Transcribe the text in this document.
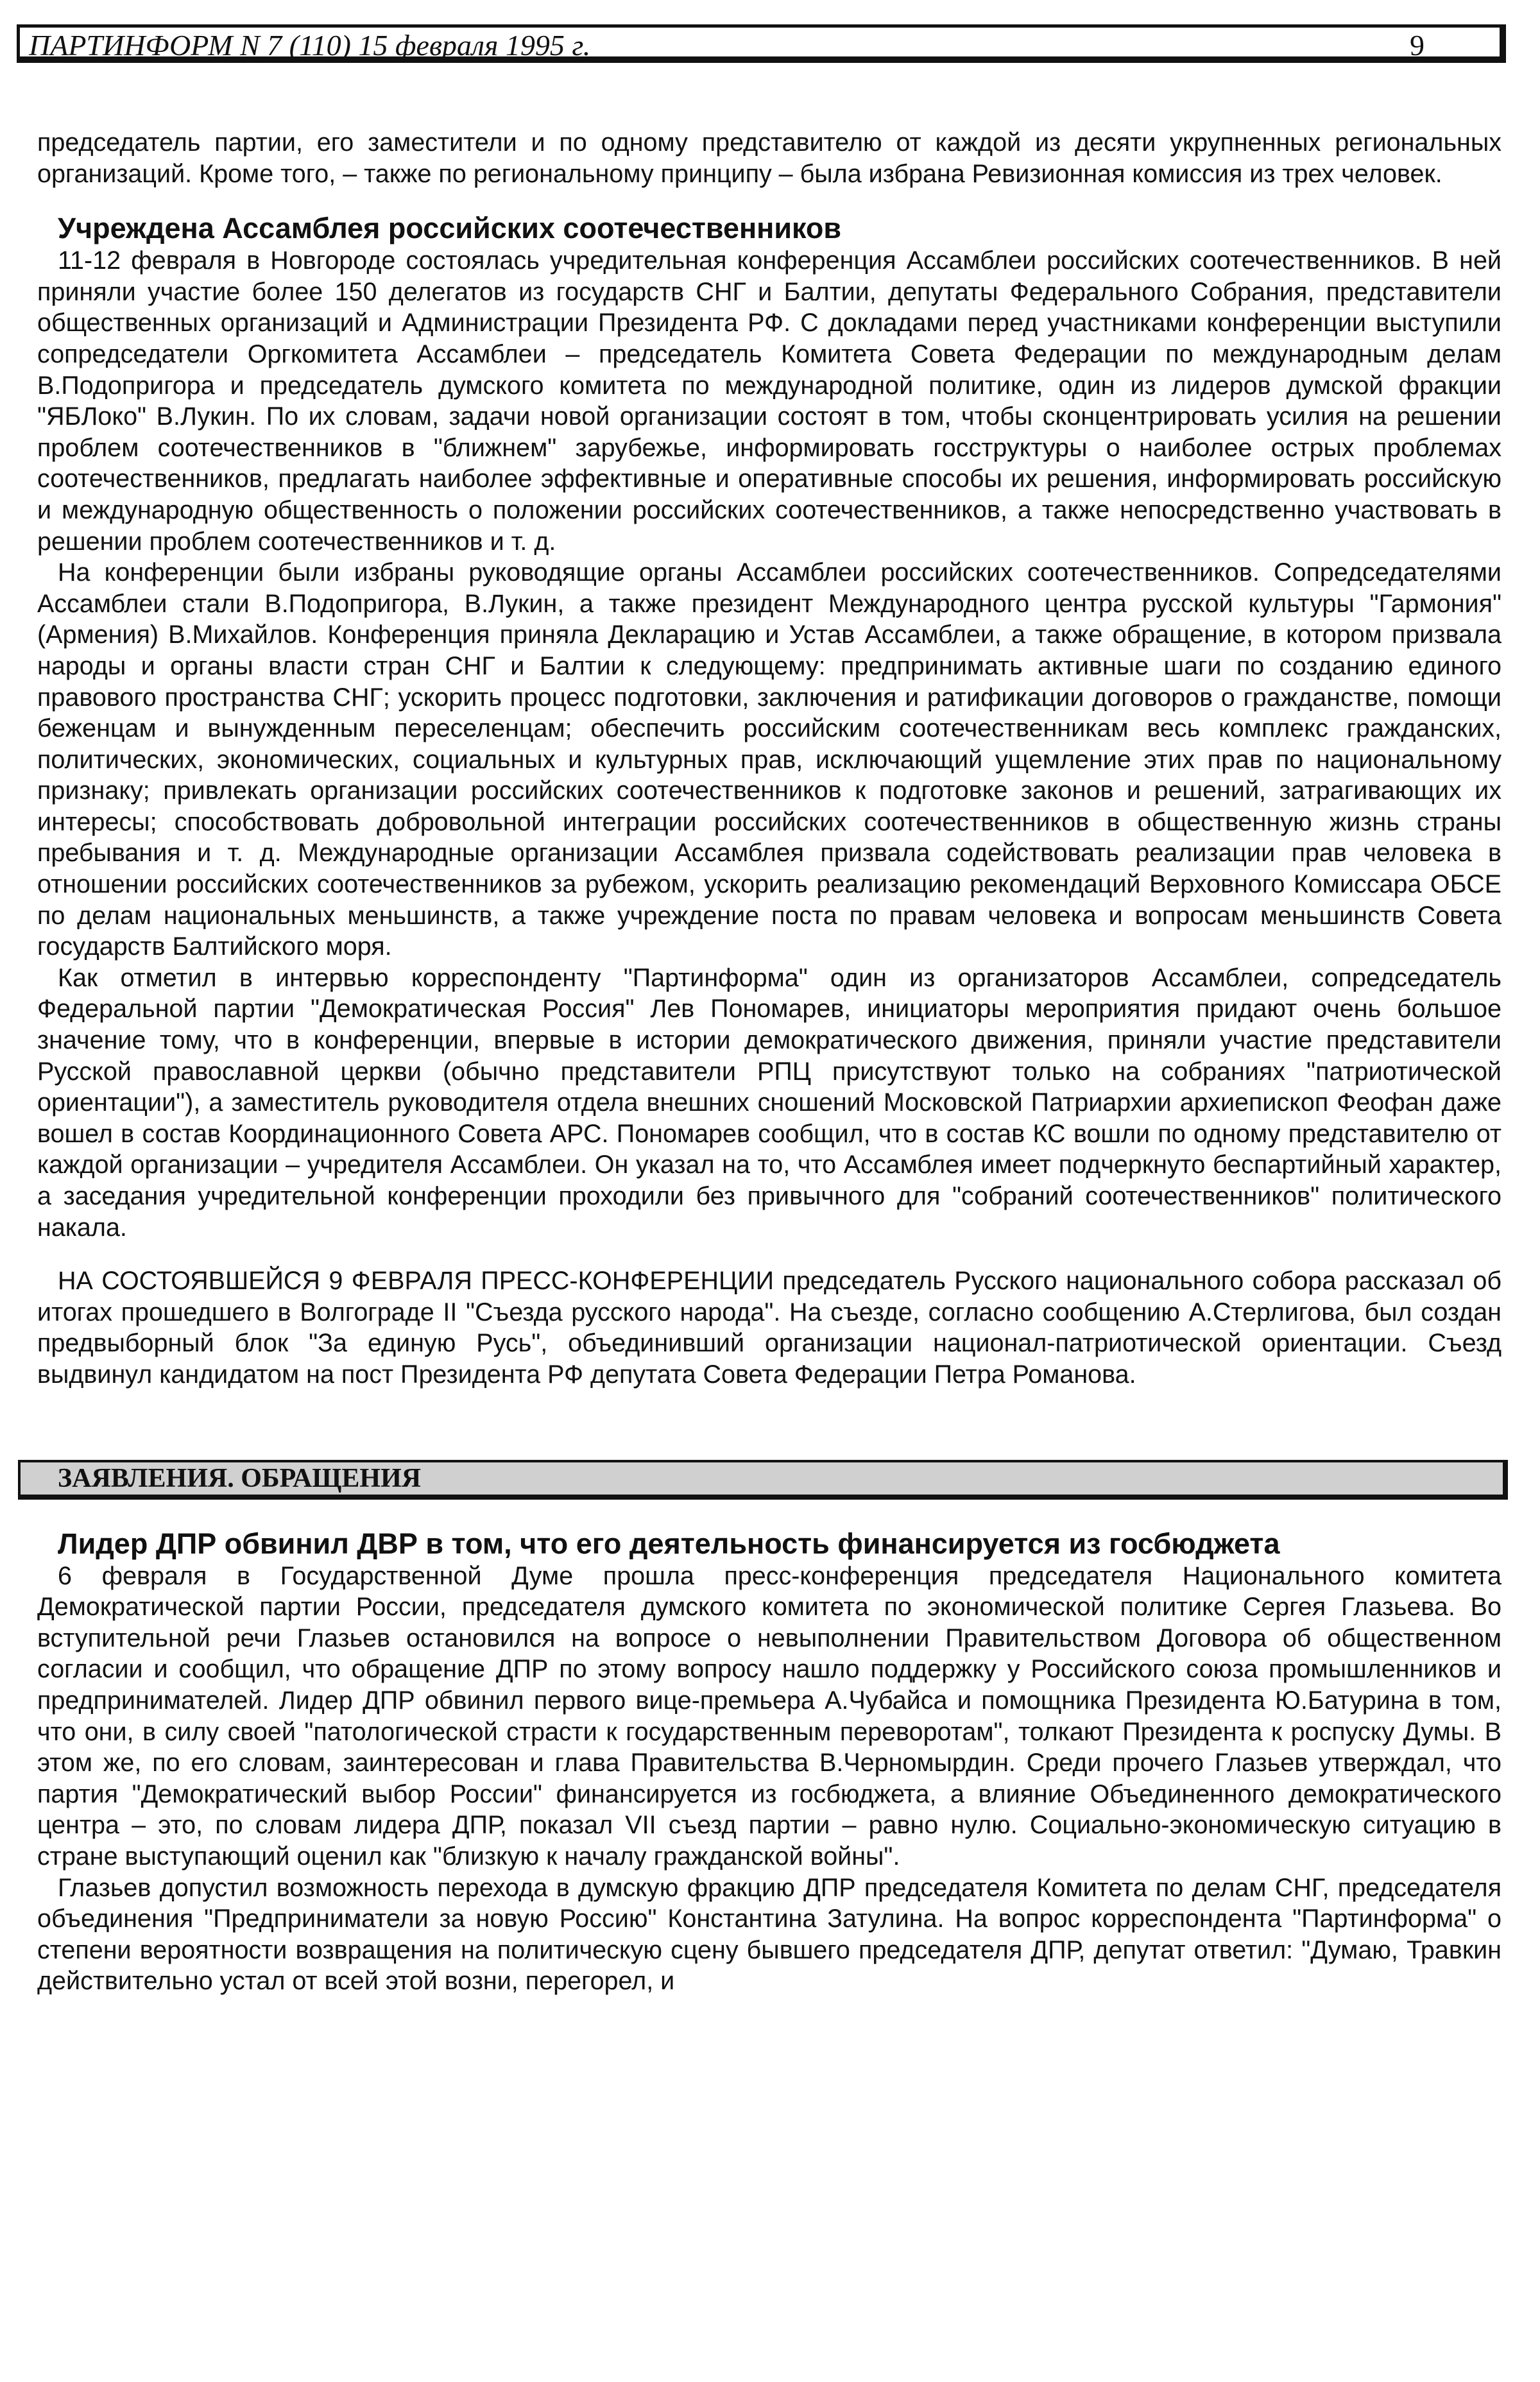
ПАРТИНФОРМ N 7 (110) 15 февраля 1995 г.	9

председатель партии, его заместители и по одному представителю от каждой из десяти укрупненных региональных организаций. Кроме того, – также по региональному принципу – была избрана Ревизионная комиссия из трех человек.

Учреждена Ассамблея российских соотечественников

11-12 февраля в Новгороде состоялась учредительная конференция Ассамблеи российских соотечественников. В ней приняли участие более 150 делегатов из государств СНГ и Балтии, депутаты Федерального Собрания, представители общественных организаций и Администрации Президента РФ. С докладами перед участниками конференции выступили сопредседатели Оргкомитета Ассамблеи – председатель Комитета Совета Федерации по международным делам В.Подопригора и председатель думского комитета по международной политике, один из лидеров думской фракции "ЯБЛоко" В.Лукин. По их словам, задачи новой организации состоят в том, чтобы сконцентрировать усилия на решении проблем соотечественников в "ближнем" зарубежье, информировать госструктуры о наиболее острых проблемах соотечественников, предлагать наиболее эффективные и оперативные способы их решения, информировать российскую и международную общественность о положении российских соотечественников, а также непосредственно участвовать в решении проблем соотечественников и т. д.

На конференции были избраны руководящие органы Ассамблеи российских соотечественников. Сопредседателями Ассамблеи стали В.Подопригора, В.Лукин, а также президент Международного центра русской культуры "Гармония" (Армения) В.Михайлов. Конференция приняла Декларацию и Устав Ассамблеи, а также обращение, в котором призвала народы и органы власти стран СНГ и Балтии к следующему: предпринимать активные шаги по созданию единого правового пространства СНГ; ускорить процесс подготовки, заключения и ратификации договоров о гражданстве, помощи беженцам и вынужденным переселенцам; обеспечить российским соотечественникам весь комплекс гражданских, политических, экономических, социальных и культурных прав, исключающий ущемление этих прав по национальному признаку; привлекать организации российских соотечественников к подготовке законов и решений, затрагивающих их интересы; способствовать добровольной интеграции российских соотечественников в общественную жизнь страны пребывания и т. д. Международные организации Ассамблея призвала содействовать реализации прав человека в отношении российских соотечественников за рубежом, ускорить реализацию рекомендаций Верховного Комиссара ОБСЕ по делам национальных меньшинств, а также учреждение поста по правам человека и вопросам меньшинств Совета государств Балтийского моря.

Как отметил в интервью корреспонденту "Партинформа" один из организаторов Ассамблеи, сопредседатель Федеральной партии "Демократическая Россия" Лев Пономарев, инициаторы мероприятия придают очень большое значение тому, что в конференции, впервые в истории демократического движения, приняли участие представители Русской православной церкви (обычно представители РПЦ присутствуют только на собраниях "патриотической ориентации"), а заместитель руководителя отдела внешних сношений Московской Патриархии архиепископ Феофан даже вошел в состав Координационного Совета АРС. Пономарев сообщил, что в состав КС вошли по одному представителю от каждой организации – учредителя Ассамблеи. Он указал на то, что Ассамблея имеет подчеркнуто беспартийный характер, а заседания учредительной конференции проходили без привычного для "собраний соотечественников" политического накала.

НА СОСТОЯВШЕЙСЯ 9 ФЕВРАЛЯ ПРЕСС-КОНФЕРЕНЦИИ председатель Русского национального собора рассказал об итогах прошедшего в Волгограде II "Съезда русского народа". На съезде, согласно сообщению А.Стерлигова, был создан предвыборный блок "За единую Русь", объединивший организации национал-патриотической ориентации. Съезд выдвинул кандидатом на пост Президента РФ депутата Совета Федерации Петра Романова.

ЗАЯВЛЕНИЯ. ОБРАЩЕНИЯ
Лидер ДПР обвинил ДВР в том, что его деятельность финансируется из госбюджета

6 февраля в Государственной Думе прошла пресс-конференция председателя Национального комитета Демократической партии России, председателя думского комитета по экономической политике Сергея Глазьева. Во вступительной речи Глазьев остановился на вопросе о невыполнении Правительством Договора об общественном согласии и сообщил, что обращение ДПР по этому вопросу нашло поддержку у Российского союза промышленников и предпринимателей. Лидер ДПР обвинил первого вице-премьера А.Чубайса и помощника Президента Ю.Батурина в том, что они, в силу своей "патологической страсти к государственным переворотам", толкают Президента к роспуску Думы. В этом же, по его словам, заинтересован и глава Правительства В.Черномырдин. Среди прочего Глазьев утверждал, что партия "Демократический выбор России" финансируется из госбюджета, а влияние Объединенного демократического центра – это, по словам лидера ДПР, показал VII съезд партии – равно нулю. Социально-экономическую ситуацию в стране выступающий оценил как "близкую к началу гражданской войны".

Глазьев допустил возможность перехода в думскую фракцию ДПР председателя Комитета по делам СНГ, председателя объединения "Предприниматели за новую Россию" Константина Затулина. На вопрос корреспондента "Партинформа" о степени вероятности возвращения на политическую сцену бывшего председателя ДПР, депутат ответил: "Думаю, Травкин действительно устал от всей этой возни, перегорел, и
